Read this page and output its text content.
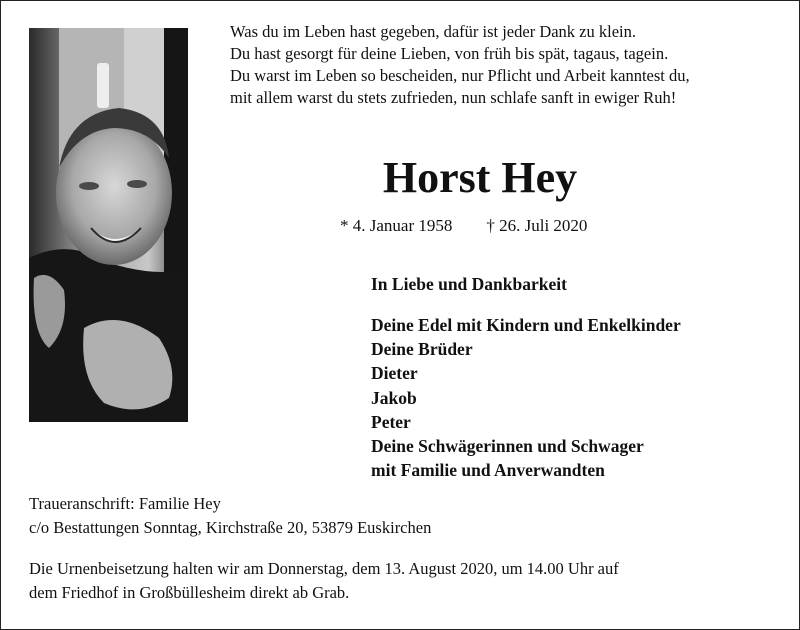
Was du im Leben hast gegeben, dafür ist jeder Dank zu klein.
Du hast gesorgt für deine Lieben, von früh bis spät, tagaus, tagein.
Du warst im Leben so bescheiden, nur Pflicht und Arbeit kanntest du,
mit allem warst du stets zufrieden, nun schlafe sanft in ewiger Ruh!
Horst Hey
* 4. Januar 1958 † 26. Juli 2020
In Liebe und Dankbarkeit
Deine Edel mit Kindern und Enkelkinder
Deine Brüder
Dieter
Jakob
Peter
Deine Schwägerinnen und Schwager
mit Familie und Anverwandten
Traueranschrift: Familie Hey
c/o Bestattungen Sonntag, Kirchstraße 20, 53879 Euskirchen
Die Urnenbeisetzung halten wir am Donnerstag, dem 13. August 2020, um 14.00 Uhr auf
dem Friedhof in Großbüllesheim direkt ab Grab.
